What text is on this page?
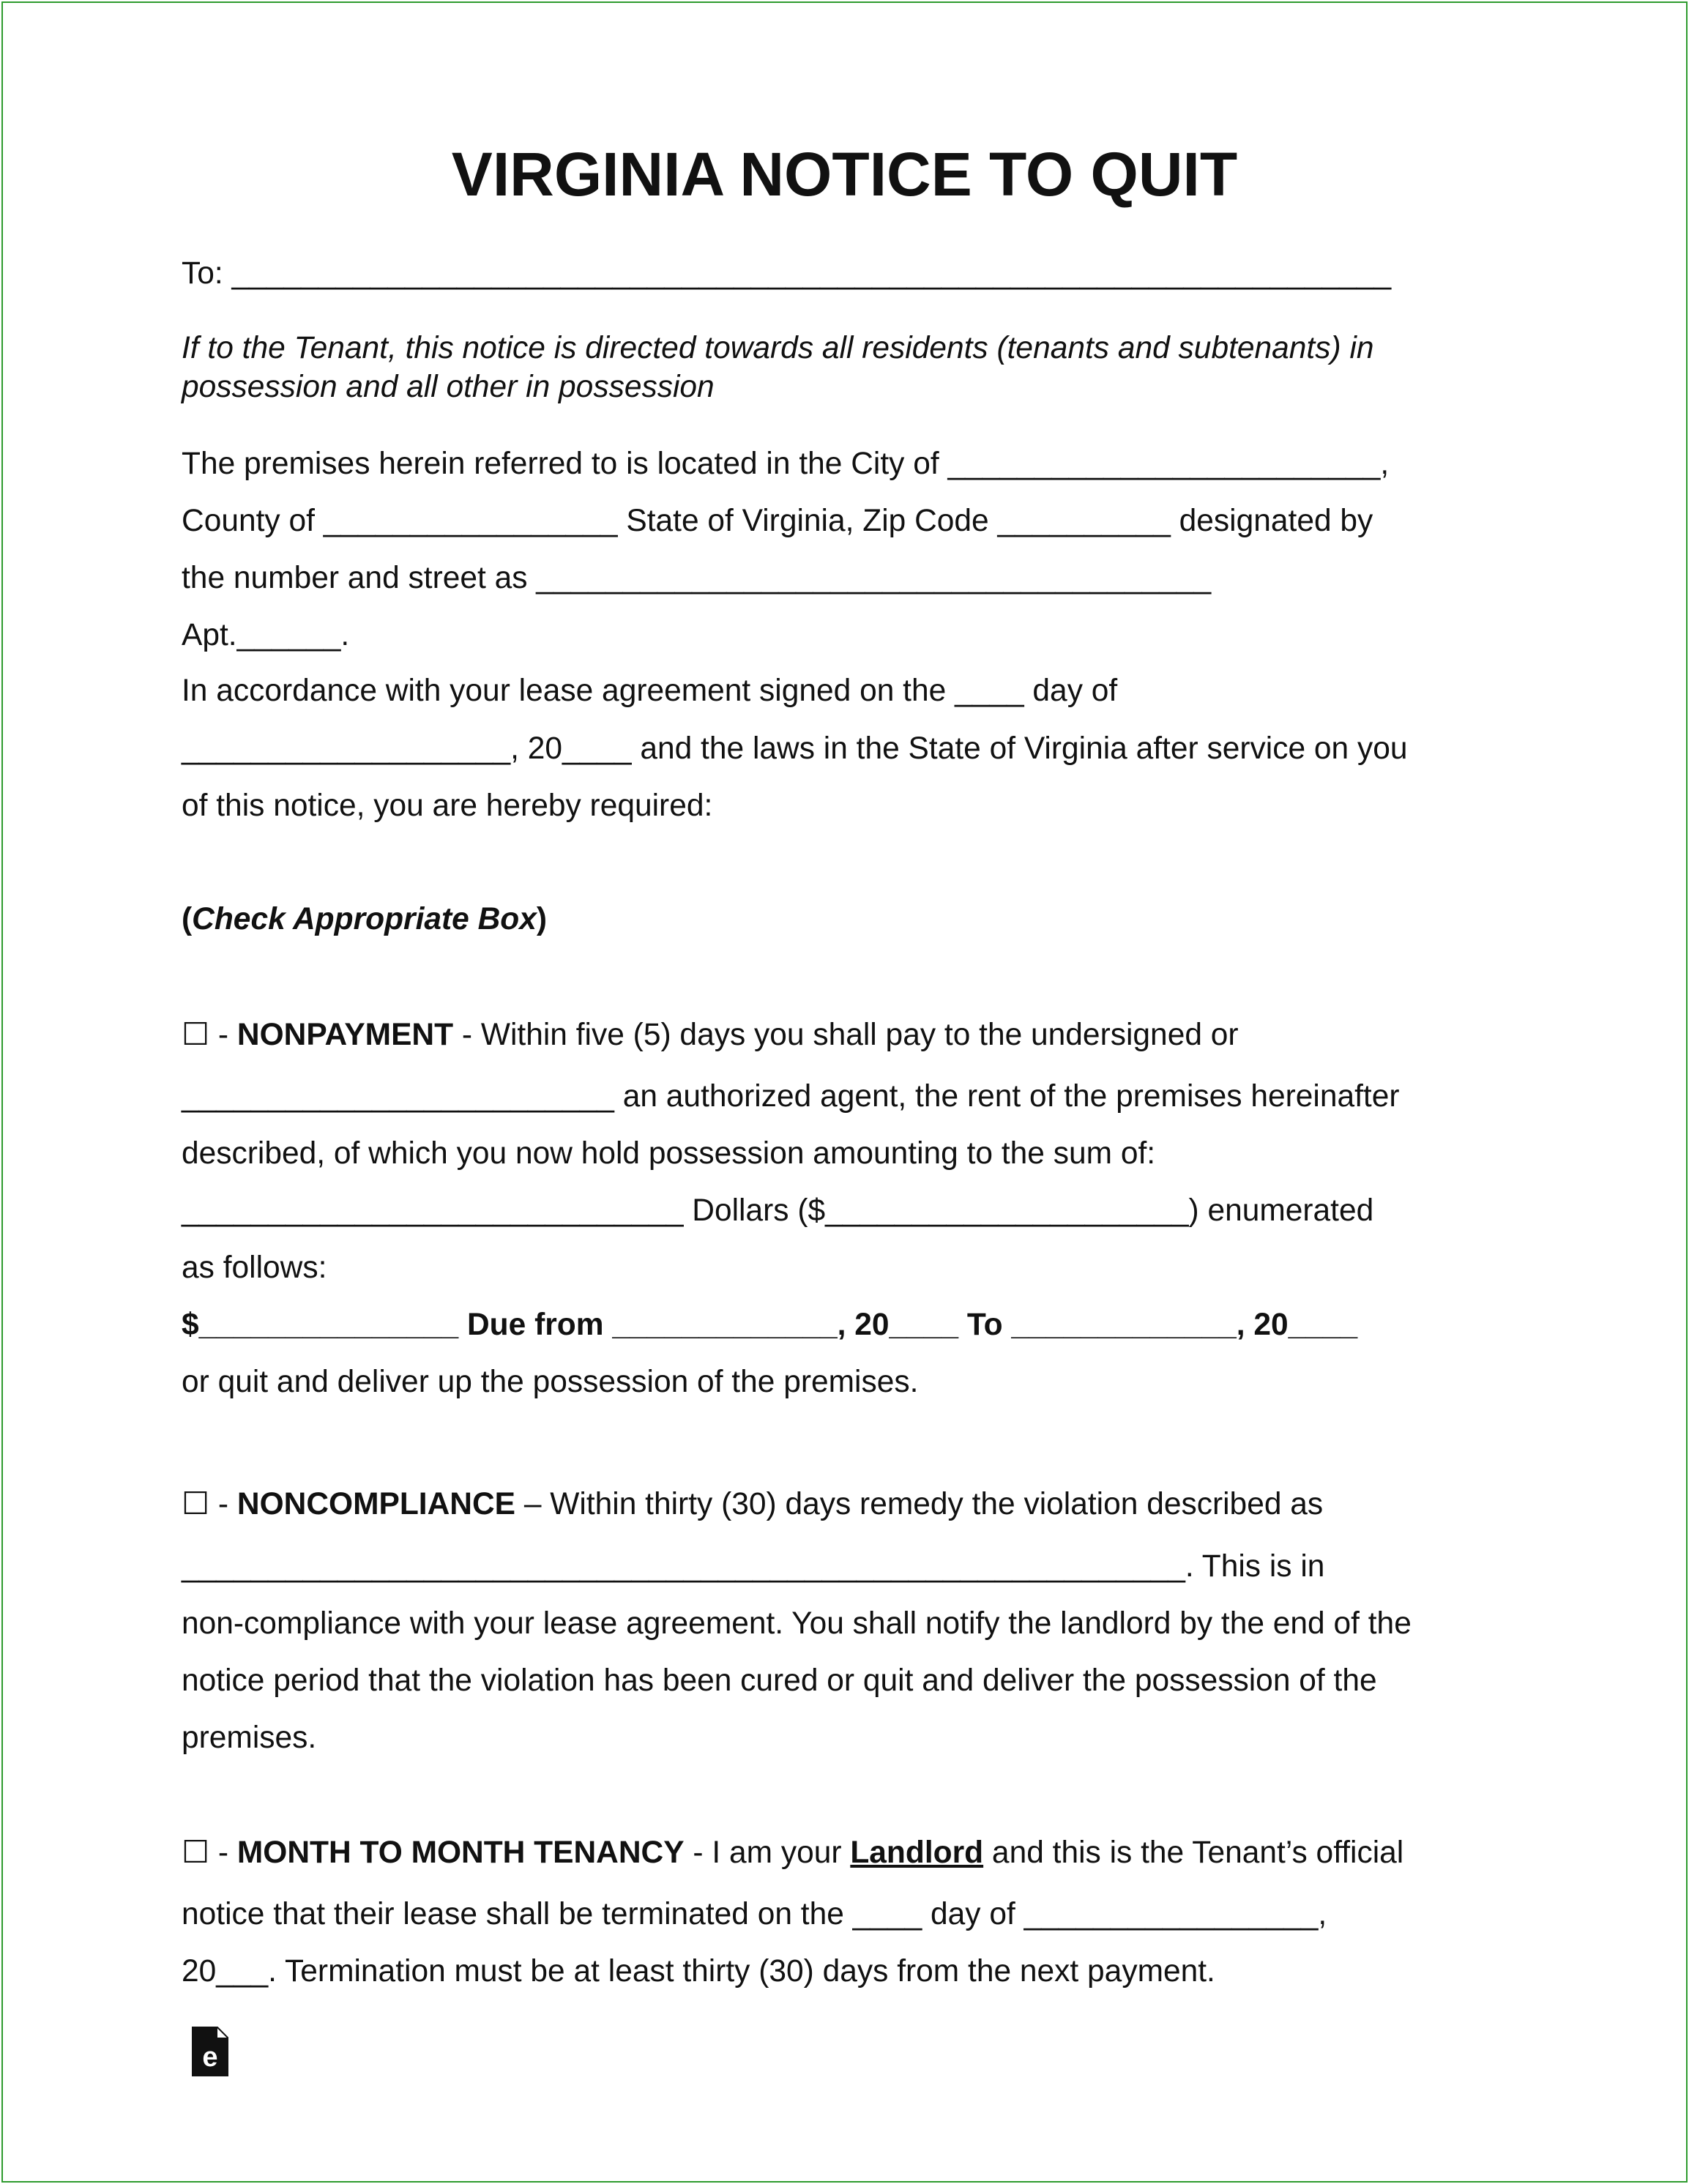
VIRGINIA NOTICE TO QUIT
To: ___________________________________________________________________
If to the Tenant, this notice is directed towards all residents (tenants and subtenants) in
possession and all other in possession
The premises herein referred to is located in the City of _________________________,
County of _________________ State of Virginia, Zip Code __________ designated by
the number and street as _______________________________________
Apt.______.
In accordance with your lease agreement signed on the ____ day of
___________________, 20____ and the laws in the State of Virginia after service on you
of this notice, you are hereby required:
(Check Appropriate Box)
☐ - NONPAYMENT - Within five (5) days you shall pay to the undersigned or
_________________________ an authorized agent, the rent of the premises hereinafter
described, of which you now hold possession amounting to the sum of:
_____________________________ Dollars ($_____________________) enumerated
as follows:
$_______________ Due from _____________, 20____ To _____________, 20____
or quit and deliver up the possession of the premises.
☐ - NONCOMPLIANCE – Within thirty (30) days remedy the violation described as
__________________________________________________________. This is in
non-compliance with your lease agreement. You shall notify the landlord by the end of the
notice period that the violation has been cured or quit and deliver the possession of the
premises.
☐ - MONTH TO MONTH TENANCY - I am your Landlord and this is the Tenant’s official
notice that their lease shall be terminated on the ____ day of _________________,
20___. Termination must be at least thirty (30) days from the next payment.
e
